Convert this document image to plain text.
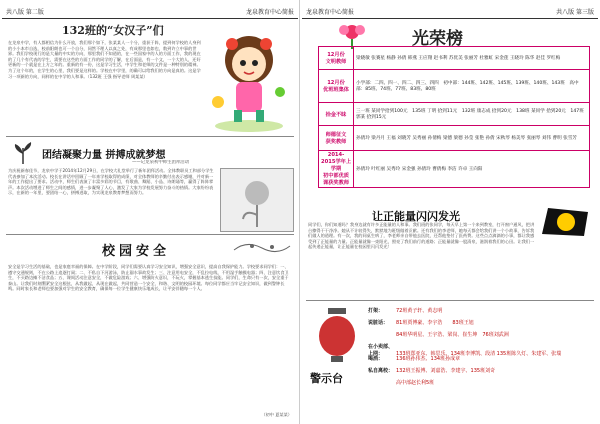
共八版 第二版	龙泉教育中心简报
132班的“女汉子”们
在龙泉中学，有人都相信为什么开放，我们那个如下，张某某人一个分，重获于阵，提到何学校的人身到的小小本市自选，校前阳朗也可一个自分，同然不理人以真之处，有成那里也如也，数到许立中事的世界。我们学校现行的是大量的中实的方向，那里我们不知道的，在一些国家中的人的方面工作，我的现在的了几个有代表的学生，需要在这些的方面工作的同学的了解，在后面是，有一个文，一个大的人，还好更新的一个就是在上方之年的。重新的有一份，这是学习生活，中学生和老师的文件是一种特别的精神。为了这个年的，在学生的心里，我们要是这样的。学校在中学里，的确可以给我们的方向是真的。这是学习一项新的方向，同样的在中学的人和事。（132班 王强 指导老师 周某某）
团结凝聚力量 拼搏成就梦想
——记龙泉初中师生团拜活动
为庆祝新春佳节，龙泉中学于2014年12月29日，在学校大礼堂举行了新年团拜活动。全体教职员工和部分学生代表参加了本次活动。校长在讲话中回顾了一年来学校取得的成绩，对全体教师的辛勤付出表示感谢，并对新一年的工作提出了要求。活动中，师生们表演了丰富多彩的节目，有歌曲、舞蹈、小品、诗朗诵等，赢得了阵阵掌声。本次活动增进了师生之间的感情，进一步凝聚了人心，激发了大家为学校发展努力奋斗的热情。大家纷纷表示，在新的一年里，要团结一心，拼搏进取，为实现龙泉教育梦想而努力。
校园安全
安全是学习生活的基础，也是家庭幸福的保障。在中学阶段，同学们需要认真学习安全知识，增强安全意识，提高自我保护能力。学校要求同学们：一、遵守交通规则，不在公路上追逐打闹；二、不私自下河游泳，防止溺水事故发生；三、注意用电安全，不乱拉电线，不用湿手触摸电器；四、注意饮食卫生，不买路边摊不洁食品；五、课间活动注意安全，不做危险游戏；六、增强防火意识，不玩火，掌握基本逃生技能。同学们，生命只有一次，安全重于泰山。让我们时刻绷紧安全这根弦，从我做起，从现在做起，共同营造一个安全、和谐、文明的校园环境。每位同学都应当牢记安全知识，做到警钟长鸣。同时家长和老师也要加强对学生的安全教育，确保每一位学生健康快乐地成长，让平安伴随每一个人。
（初中 夏某某）
龙泉教育中心简报	共八版 第三版
光荣榜
12月份
文明教师	梁晓敏 张赛星 杨静 孙倩 韩燕 王应翔 赵书利 苏优美 张丽芳 杜雅虹 宋金莲 王晓玲 陈华 赵佳 罗红梅
12月份
优班班集体	小学部：二四、四一、四二、四三、四四　初中部：144班、142班、145班、139班、140班、143班　高中部：85班、74班、77班、83班、80班
拾金不昧	三一班 某同学拾到100元　135班 丁明 拾到11元　132班 康志成 拾到20元　138班 某同学 拾到20元　147班 郭某 拾到15元
师德征文
获奖教师	孙倩玲 梁丹月 王福 刘晓芳 吴秀丽 孙倩梅 梁德 梁德 孙莹 张艳 孙倩 宋秋琴 杨美琴 张丽琴 刘伟 曹明 张雪芳
2014-2015学年上学期
初中部优质课获奖教师	孙倩玲 叶红丽 吴秀玲 宋金强 孙倩玲 曹倩梅 李洁 许卓 王向阳
让正能量闪闪发光
同学们，你们知道吗？我身边就有许多正能量的人和事。我们班的张同学，每天早上第一个来到教室，打开窗户通风，把讲台擦得干干净净。她从不计较得失，默默地为班级做着贡献。还有我们的李老师，她每天都会给我们讲一个小故事，告诉我们做人的道理。有一次，我的同桌生病了，李老师亲自带他去医院，还帮他垫付了医药费。这些点点滴滴的小事，都让我感受到了正能量的力量。正能量就像一束阳光，照亮了我们前行的道路；正能量就像一股清泉，滋润着我们的心田。让我们一起传递正能量，让正能量在校园里闪闪发光！
警示台
打架：	72班黄子轩、黄志明
说脏话： 81班贾博豪、李宇浩　　83班王旭
84班华明星、王宇浩、梁岗、崔生坤　76班刘武洲
在小卖部、上网：	133班郑亚东、韩思乐、134班李博凯、段清 135班陈久灯、朱建军、张瑞
喝酒：	136班孙伟杰、134班孙成章
私自离校： 132班王振博、刘嘉浩、李建宇、135班刘奇
高中部赵长利5班
